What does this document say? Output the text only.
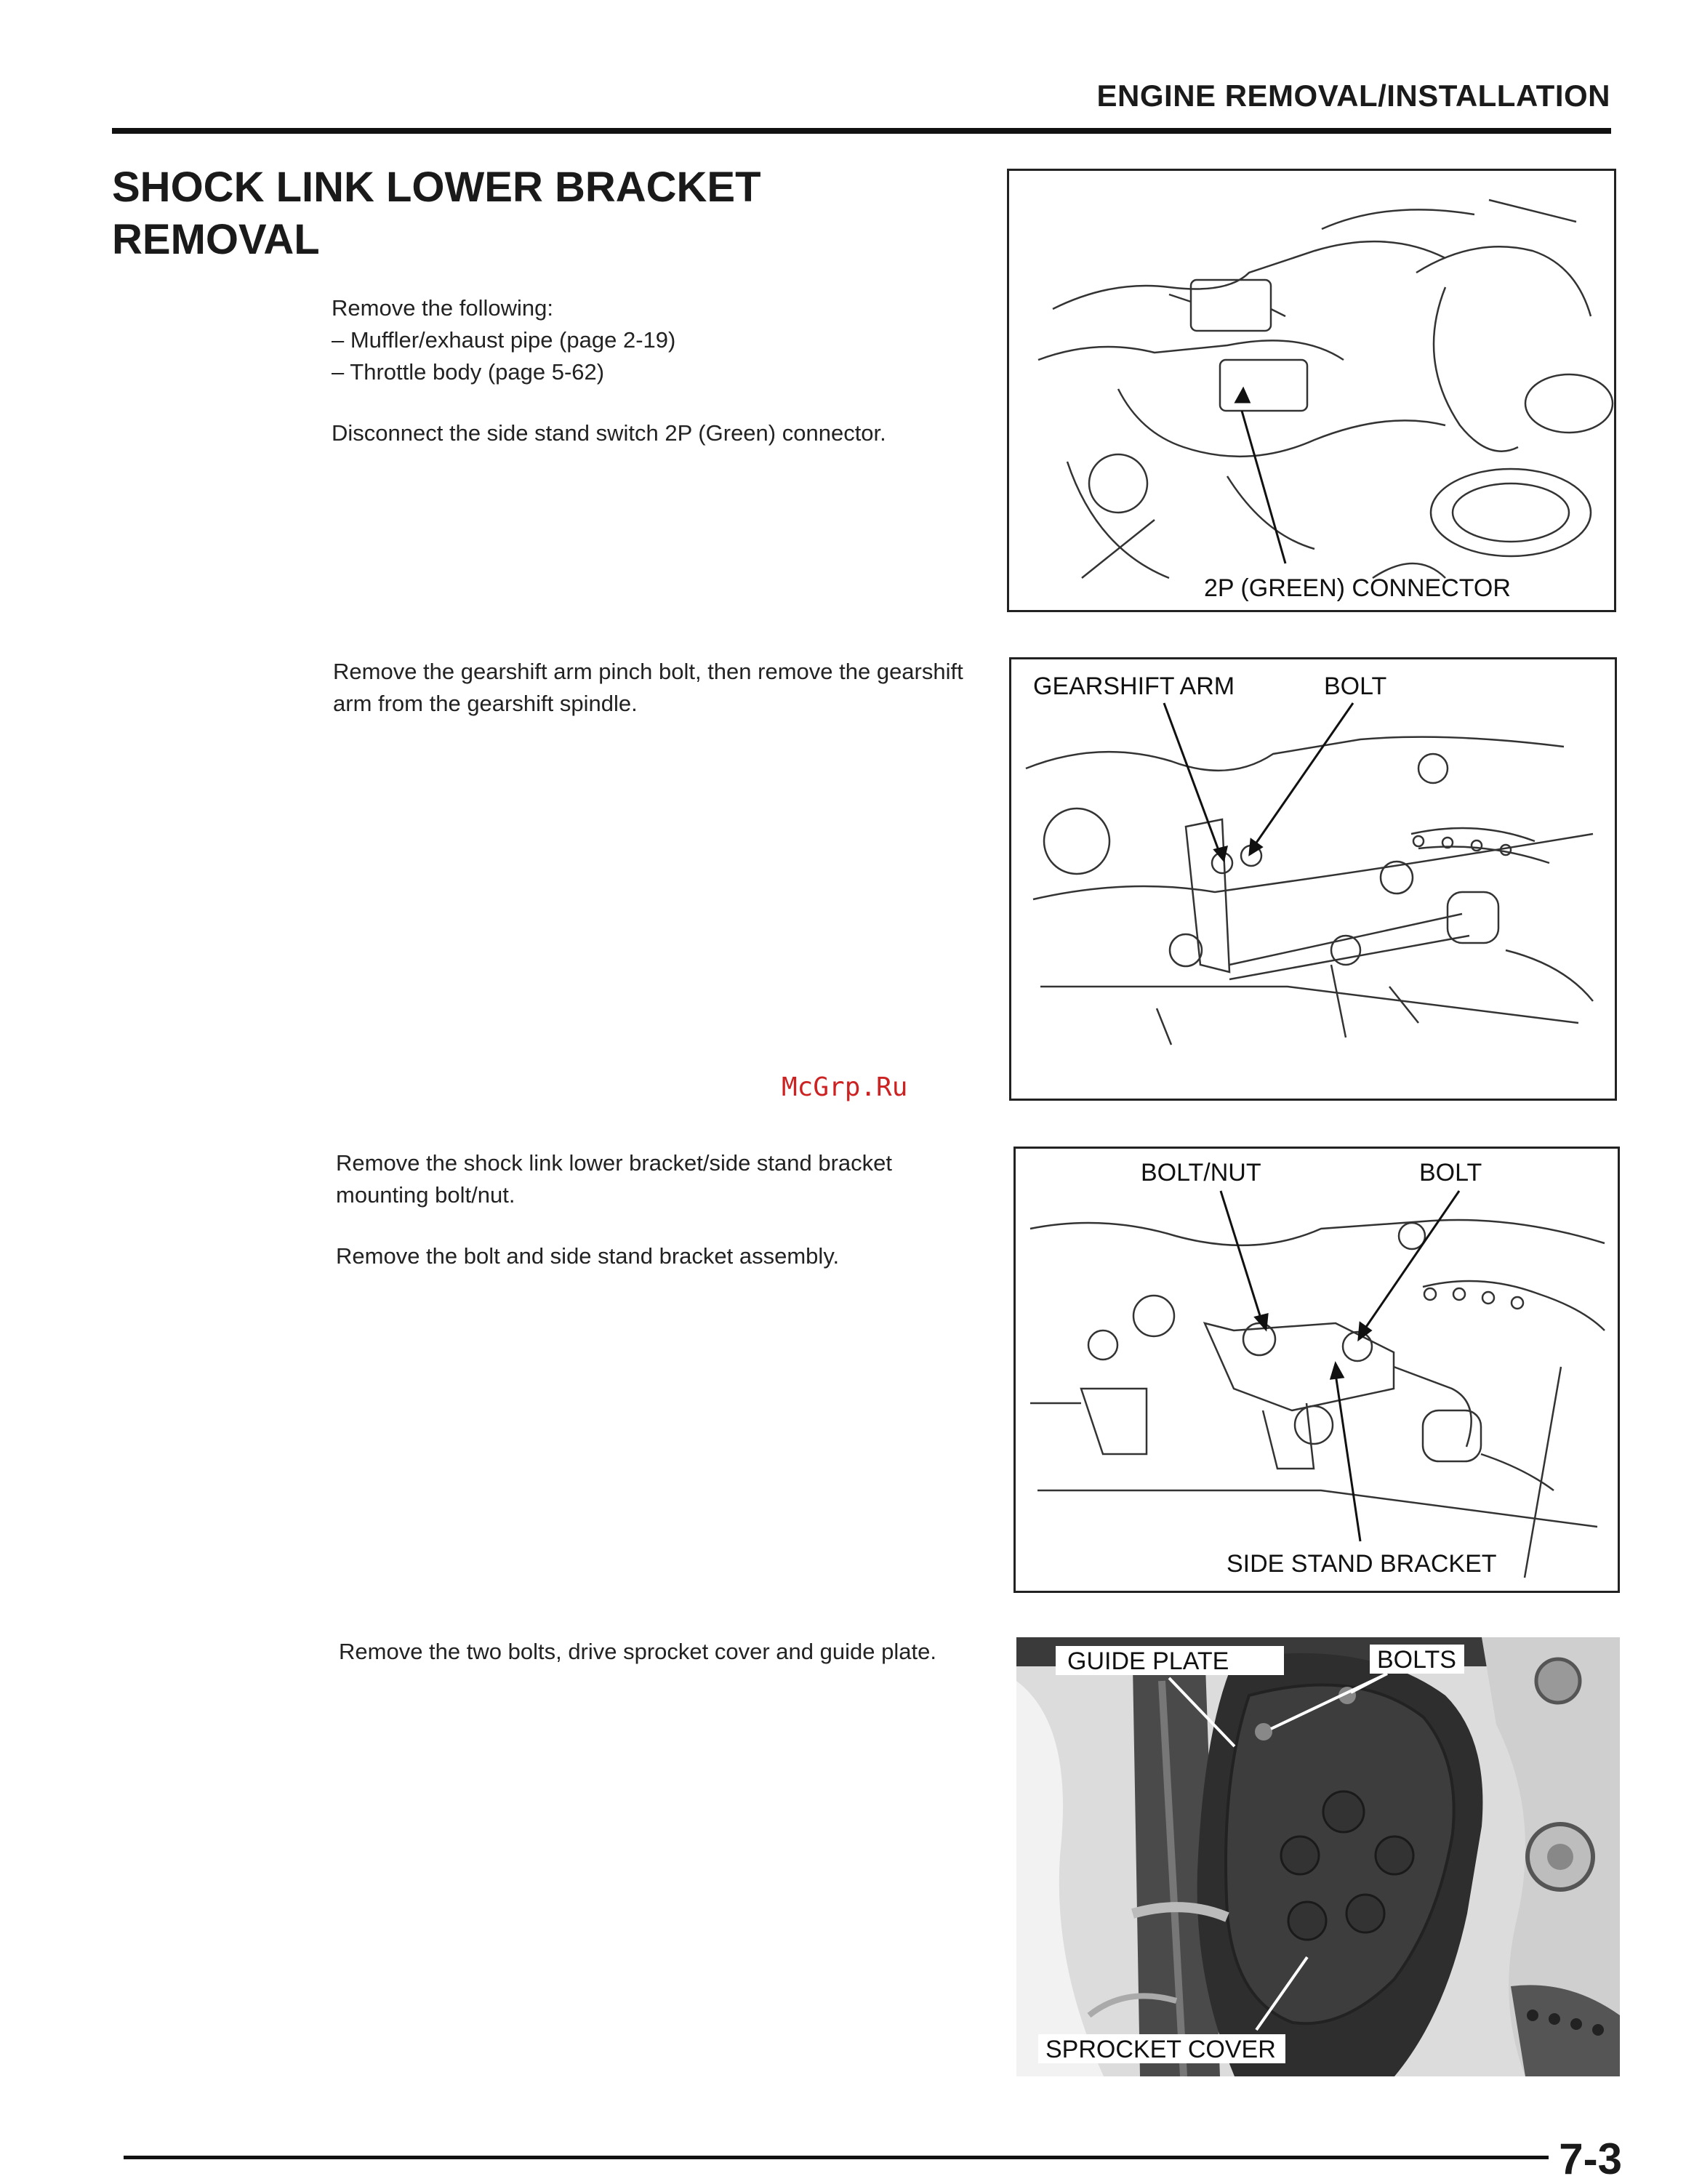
ENGINE REMOVAL/INSTALLATION
SHOCK LINK LOWER BRACKET
REMOVAL

Remove the following:

– Muffler/exhaust pipe (page 2-19)

– Throttle body (page 5-62)

Disconnect the side stand switch 2P (Green) connector.

Remove the gearshift arm pinch bolt, then remove the gearshift arm from the gearshift spindle.

Remove the shock link lower bracket/side stand bracket mounting bolt/nut.

Remove the bolt and side stand bracket assembly.

Remove the two bolts, drive sprocket cover and guide plate.

2P (GREEN) CONNECTOR
GEARSHIFT ARM	BOLT
McGrp.Ru
BOLT/NUT	BOLT
SIDE STAND BRACKET
GUIDE PLATE	BOLTS
SPROCKET COVER
7-3
